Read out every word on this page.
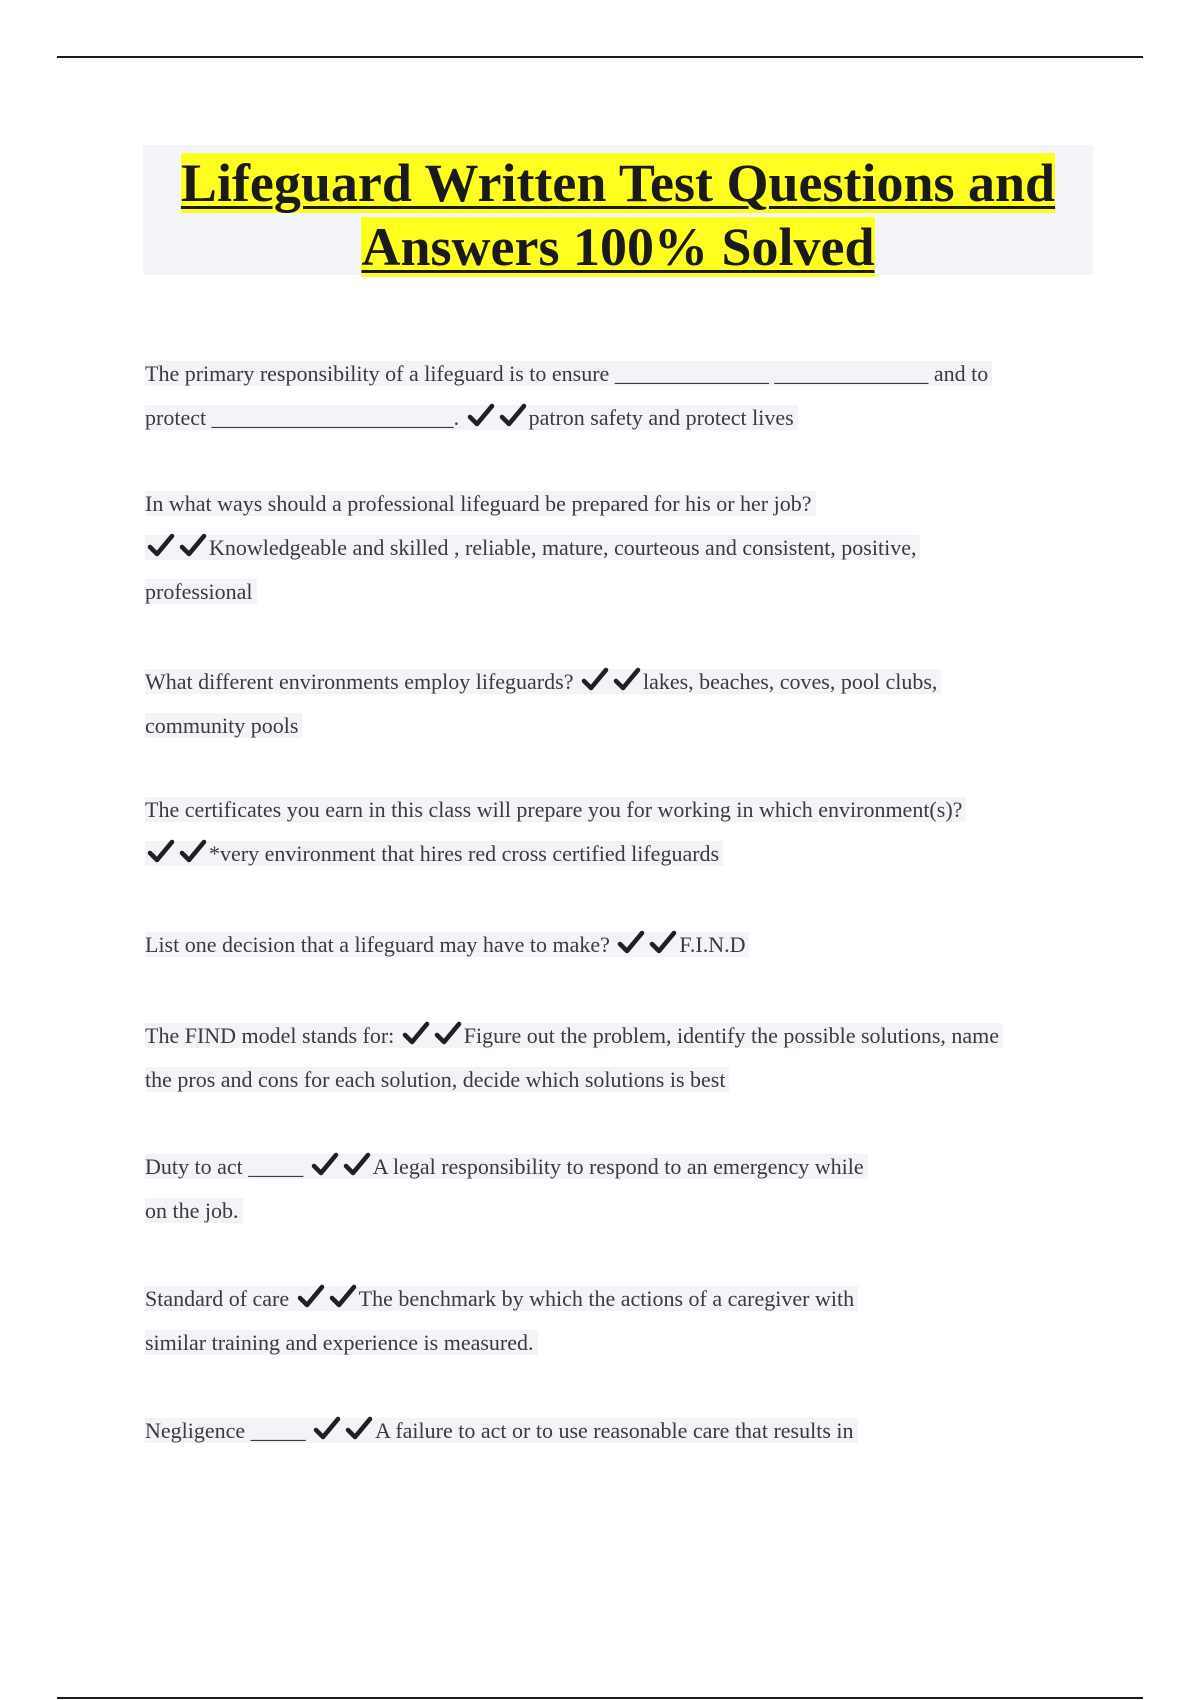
Lifeguard Written Test Questions and
Answers 100% Solved
The primary responsibility of a lifeguard is to ensure ______________ ______________ and to
protect ______________________.	patron safety and protect lives
In what ways should a professional lifeguard be prepared for his or her job?
Knowledgeable and skilled , reliable, mature, courteous and consistent, positive,
professional
What different environments employ lifeguards?	lakes, beaches, coves, pool clubs,
community pools
The certificates you earn in this class will prepare you for working in which environment(s)?
*very environment that hires red cross certified lifeguards
List one decision that a lifeguard may have to make?	F.I.N.D
The FIND model stands for:	Figure out the problem, identify the possible solutions, name
the pros and cons for each solution, decide which solutions is best
Duty to act _____	A legal responsibility to respond to an emergency while
on the job.
Standard of care	The benchmark by which the actions of a caregiver with
similar training and experience is measured.
Negligence _____	A failure to act or to use reasonable care that results in
